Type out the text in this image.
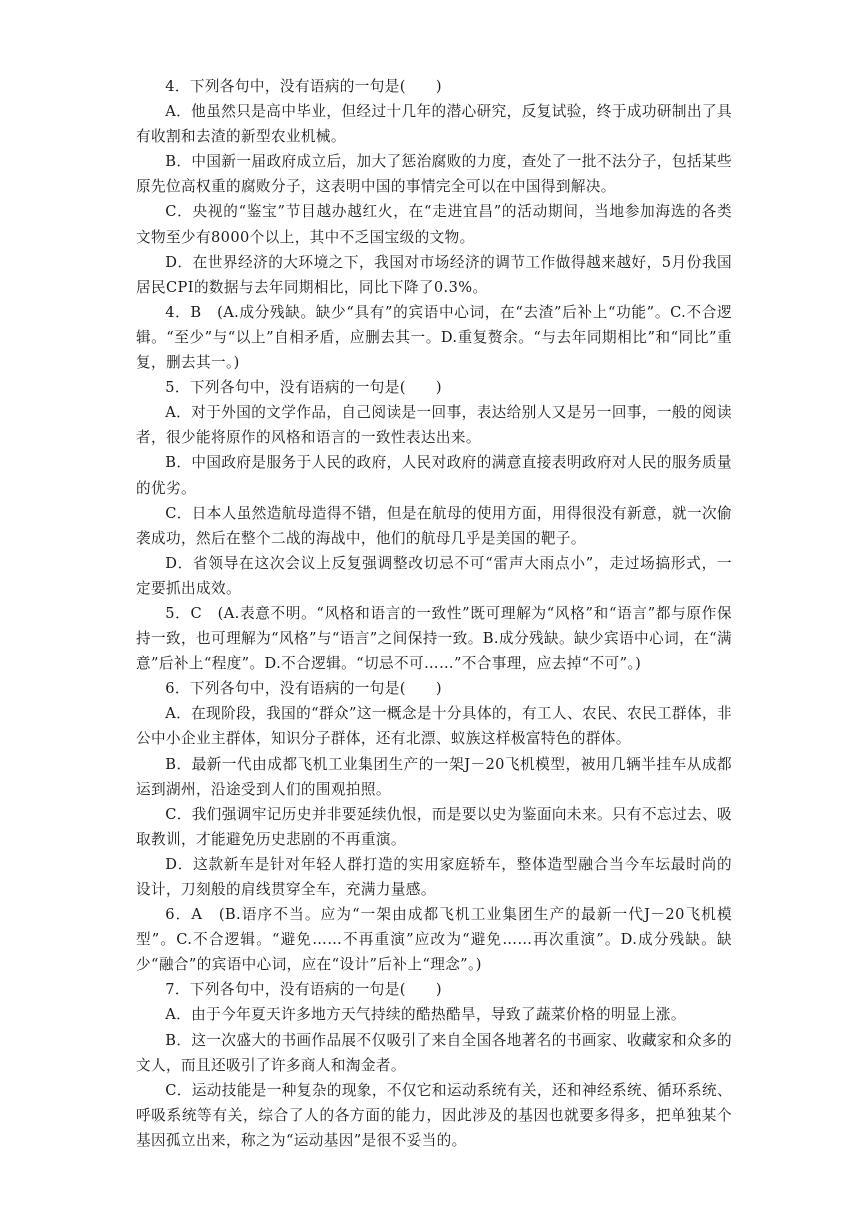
4．下列各句中，没有语病的一句是(　　)

A．他虽然只是高中毕业，但经过十几年的潜心研究，反复试验，终于成功研制出了具有收割和去渣的新型农业机械。

B．中国新一届政府成立后，加大了惩治腐败的力度，查处了一批不法分子，包括某些原先位高权重的腐败分子，这表明中国的事情完全可以在中国得到解决。

C．央视的“鉴宝”节目越办越红火，在“走进宜昌”的活动期间，当地参加海选的各类文物至少有8000个以上，其中不乏国宝级的文物。

D．在世界经济的大环境之下，我国对市场经济的调节工作做得越来越好，5月份我国居民CPI的数据与去年同期相比，同比下降了0.3%。

4．B　(A.成分残缺。缺少“具有”的宾语中心词，在“去渣”后补上“功能”。C.不合逻辑。“至少”与“以上”自相矛盾，应删去其一。D.重复赘余。“与去年同期相比”和“同比”重复，删去其一。)

5．下列各句中，没有语病的一句是(　　)

A．对于外国的文学作品，自己阅读是一回事，表达给别人又是另一回事，一般的阅读者，很少能将原作的风格和语言的一致性表达出来。

B．中国政府是服务于人民的政府，人民对政府的满意直接表明政府对人民的服务质量的优劣。

C．日本人虽然造航母造得不错，但是在航母的使用方面，用得很没有新意，就一次偷袭成功，然后在整个二战的海战中，他们的航母几乎是美国的靶子。

D．省领导在这次会议上反复强调整改切忌不可“雷声大雨点小”，走过场搞形式，一定要抓出成效。

5．C　(A.表意不明。“风格和语言的一致性”既可理解为“风格”和“语言”都与原作保持一致，也可理解为“风格”与“语言”之间保持一致。B.成分残缺。缺少宾语中心词，在“满意”后补上“程度”。D.不合逻辑。“切忌不可……”不合事理，应去掉“不可”。)

6．下列各句中，没有语病的一句是(　　)

A．在现阶段，我国的“群众”这一概念是十分具体的，有工人、农民、农民工群体，非公中小企业主群体，知识分子群体，还有北漂、蚁族这样极富特色的群体。

B．最新一代由成都飞机工业集团生产的一架J－20飞机模型，被用几辆半挂车从成都运到湖州，沿途受到人们的围观拍照。

C．我们强调牢记历史并非要延续仇恨，而是要以史为鉴面向未来。只有不忘过去、吸取教训，才能避免历史悲剧的不再重演。

D．这款新车是针对年轻人群打造的实用家庭轿车，整体造型融合当今车坛最时尚的设计，刀刻般的肩线贯穿全车，充满力量感。

6．A　(B.语序不当。应为“一架由成都飞机工业集团生产的最新一代J－20飞机模型”。C.不合逻辑。“避免……不再重演”应改为“避免……再次重演”。D.成分残缺。缺少“融合”的宾语中心词，应在“设计”后补上“理念”。)

7．下列各句中，没有语病的一句是(　　)

A．由于今年夏天许多地方天气持续的酷热酷旱，导致了蔬菜价格的明显上涨。

B．这一次盛大的书画作品展不仅吸引了来自全国各地著名的书画家、收藏家和众多的文人，而且还吸引了许多商人和淘金者。

C．运动技能是一种复杂的现象，不仅它和运动系统有关，还和神经系统、循环系统、呼吸系统等有关，综合了人的各方面的能力，因此涉及的基因也就要多得多，把单独某个基因孤立出来，称之为“运动基因”是很不妥当的。
